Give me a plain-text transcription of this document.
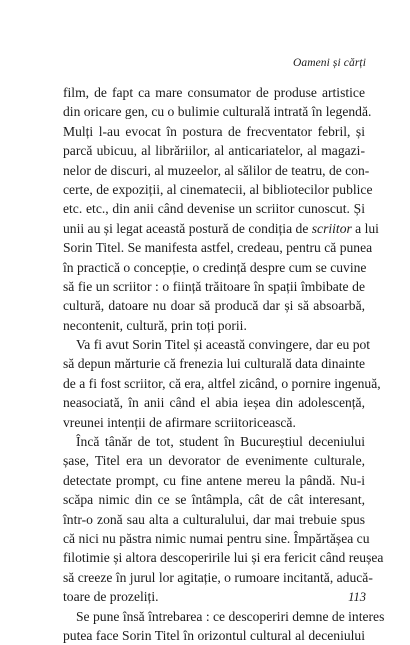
Oameni și cărți
film, de fapt ca mare consumator de produse artistice
din oricare gen, cu o bulimie culturală intrată în legendă.
Mulți l-au evocat în postura de frecventator febril, și
parcă ubicuu, al librăriilor, al anticariatelor, al magazi-
nelor de discuri, al muzeelor, al sălilor de teatru, de con-
certe, de expoziții, al cinematecii, al bibliotecilor publice
etc. etc., din anii când devenise un scriitor cunoscut. Și
unii au și legat această postură de condiția de scriitor a lui
Sorin Titel. Se manifesta astfel, credeau, pentru că punea
în practică o concepție, o credință despre cum se cuvine
să fie un scriitor : o ființă trăitoare în spații îmbibate de
cultură, datoare nu doar să producă dar și să absoarbă,
necontenit, cultură, prin toți porii.
Va fi avut Sorin Titel și această convingere, dar eu pot
să depun mărturie că frenezia lui culturală data dinainte
de a fi fost scriitor, că era, altfel zicând, o pornire ingenuă,
neasociată, în anii când el abia ieșea din adolescență,
vreunei intenții de afirmare scriitoricească.
Încă tânăr de tot, student în Bucureștiul deceniului
șase, Titel era un devorator de evenimente culturale,
detectate prompt, cu fine antene mereu la pândă. Nu-i
scăpa nimic din ce se întâmpla, cât de cât interesant,
într-o zonă sau alta a culturalului, dar mai trebuie spus
că nici nu păstra nimic numai pentru sine. Împărtășea cu
filotimie și altora descoperirile lui și era fericit când reușea
să creeze în jurul lor agitație, o rumoare incitantă, aducă-
toare de prozeliți.
Se pune însă întrebarea : ce descoperiri demne de interes
putea face Sorin Titel în orizontul cultural al deceniului
113
